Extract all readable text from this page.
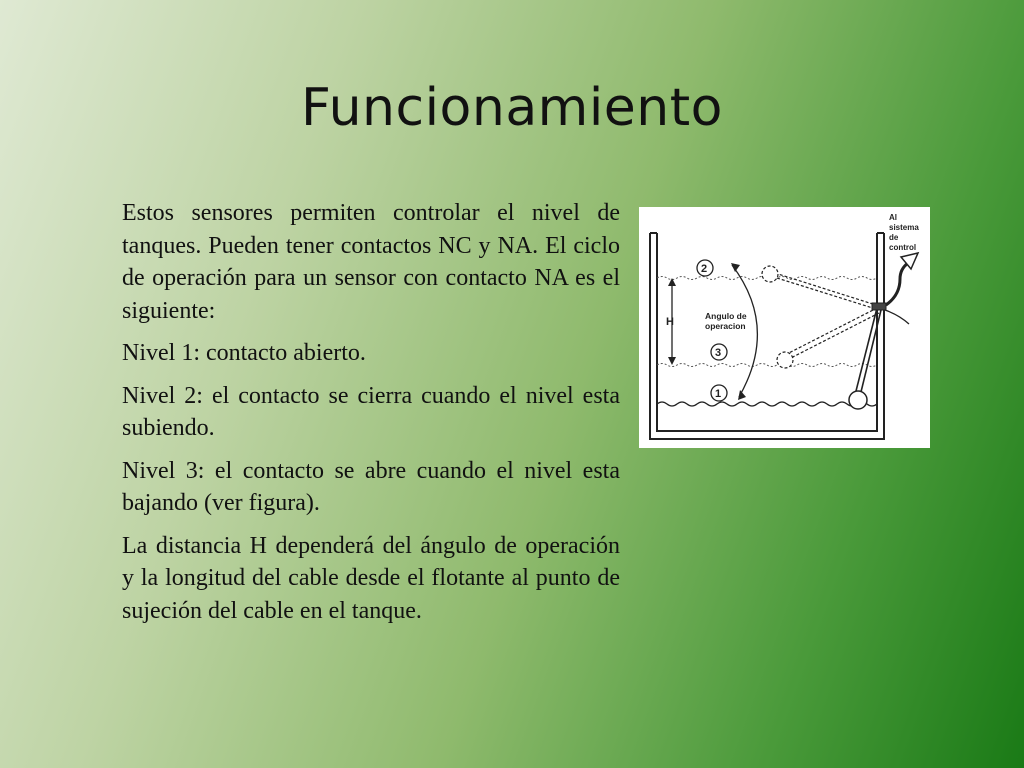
Funcionamiento

Estos sensores permiten controlar el nivel de tanques. Pueden tener contactos NC y NA. El ciclo de operación para un sensor con contacto NA es el siguiente:

Nivel 1: contacto abierto.

Nivel 2: el contacto se cierra cuando el nivel esta subiendo.

Nivel 3: el contacto se abre cuando el nivel esta bajando (ver figura).

La distancia H dependerá del ángulo de operación y la longitud del cable desde el flotante al punto de sujeción del cable en el tanque.

H
2
3
1
Angulo de
operacion
Al
sistema
de
control
